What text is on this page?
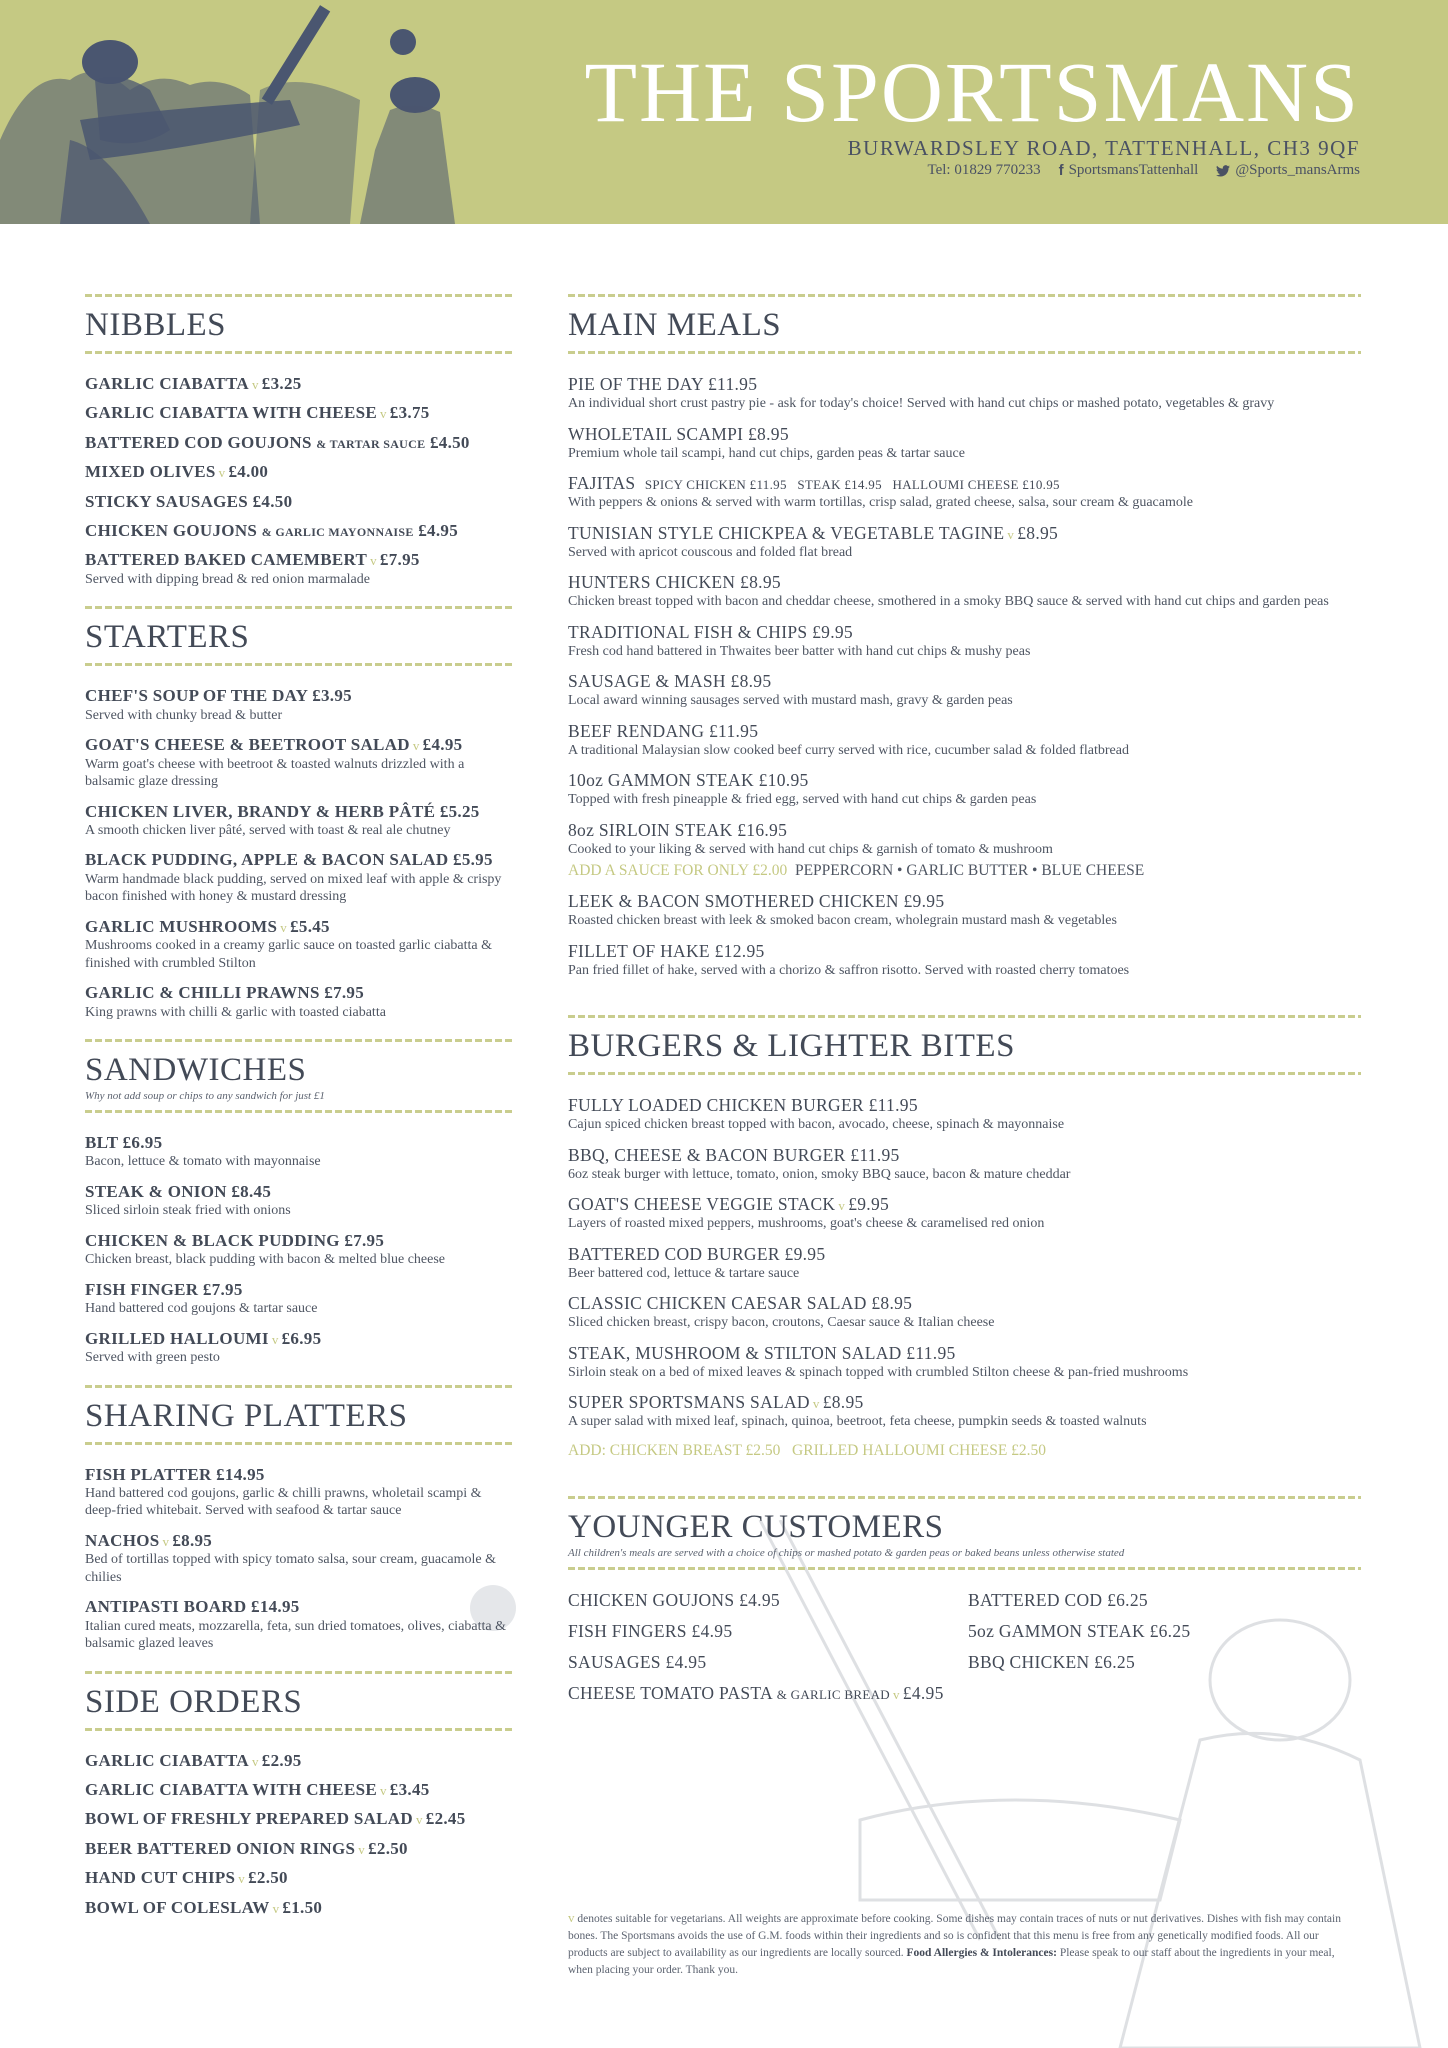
THE SPORTSMANS
BURWARDSLEY ROAD, TATTENHALL, CH3 9QF
Tel: 01829 770233 f SportsmansTattenhall @Sports_mansArms
NIBBLES
GARLIC CIABATTA v £3.25
GARLIC CIABATTA WITH CHEESE v £3.75
BATTERED COD GOUJONS & TARTAR SAUCE £4.50
MIXED OLIVES v £4.00
STICKY SAUSAGES £4.50
CHICKEN GOUJONS & GARLIC MAYONNAISE £4.95
BATTERED BAKED CAMEMBERT v £7.95
Served with dipping bread & red onion marmalade
STARTERS
CHEF'S SOUP OF THE DAY £3.95
Served with chunky bread & butter
GOAT'S CHEESE & BEETROOT SALAD v £4.95
Warm goat's cheese with beetroot & toasted walnuts drizzled with a balsamic glaze dressing
CHICKEN LIVER, BRANDY & HERB PÂTÉ £5.25
A smooth chicken liver pâté, served with toast & real ale chutney
BLACK PUDDING, APPLE & BACON SALAD £5.95
Warm handmade black pudding, served on mixed leaf with apple & crispy bacon finished with honey & mustard dressing
GARLIC MUSHROOMS v £5.45
Mushrooms cooked in a creamy garlic sauce on toasted garlic ciabatta & finished with crumbled Stilton
GARLIC & CHILLI PRAWNS £7.95
King prawns with chilli & garlic with toasted ciabatta
SANDWICHES
Why not add soup or chips to any sandwich for just £1
BLT £6.95
Bacon, lettuce & tomato with mayonnaise
STEAK & ONION £8.45
Sliced sirloin steak fried with onions
CHICKEN & BLACK PUDDING £7.95
Chicken breast, black pudding with bacon & melted blue cheese
FISH FINGER £7.95
Hand battered cod goujons & tartar sauce
GRILLED HALLOUMI v £6.95
Served with green pesto
SHARING PLATTERS
FISH PLATTER £14.95
Hand battered cod goujons, garlic & chilli prawns, wholetail scampi & deep-fried whitebait. Served with seafood & tartar sauce
NACHOS v £8.95
Bed of tortillas topped with spicy tomato salsa, sour cream, guacamole & chilies
ANTIPASTI BOARD £14.95
Italian cured meats, mozzarella, feta, sun dried tomatoes, olives, ciabatta & balsamic glazed leaves
SIDE ORDERS
GARLIC CIABATTA v £2.95
GARLIC CIABATTA WITH CHEESE v £3.45
BOWL OF FRESHLY PREPARED SALAD v £2.45
BEER BATTERED ONION RINGS v £2.50
HAND CUT CHIPS v £2.50
BOWL OF COLESLAW v £1.50
MAIN MEALS
PIE OF THE DAY £11.95
An individual short crust pastry pie - ask for today's choice! Served with hand cut chips or mashed potato, vegetables & gravy
WHOLETAIL SCAMPI £8.95
Premium whole tail scampi, hand cut chips, garden peas & tartar sauce
FAJITAS SPICY CHICKEN £11.95   STEAK £14.95   HALLOUMI CHEESE £10.95
With peppers & onions & served with warm tortillas, crisp salad, grated cheese, salsa, sour cream & guacamole
TUNISIAN STYLE CHICKPEA & VEGETABLE TAGINE v £8.95
Served with apricot couscous and folded flat bread
HUNTERS CHICKEN £8.95
Chicken breast topped with bacon and cheddar cheese, smothered in a smoky BBQ sauce & served with hand cut chips and garden peas
TRADITIONAL FISH & CHIPS £9.95
Fresh cod hand battered in Thwaites beer batter with hand cut chips & mushy peas
SAUSAGE & MASH £8.95
Local award winning sausages served with mustard mash, gravy & garden peas
BEEF RENDANG £11.95
A traditional Malaysian slow cooked beef curry served with rice, cucumber salad & folded flatbread
10oz GAMMON STEAK £10.95
Topped with fresh pineapple & fried egg, served with hand cut chips & garden peas
8oz SIRLOIN STEAK £16.95
Cooked to your liking & served with hand cut chips & garnish of tomato & mushroom
ADD A SAUCE FOR ONLY £2.00 PEPPERCORN • GARLIC BUTTER • BLUE CHEESE
LEEK & BACON SMOTHERED CHICKEN £9.95
Roasted chicken breast with leek & smoked bacon cream, wholegrain mustard mash & vegetables
FILLET OF HAKE £12.95
Pan fried fillet of hake, served with a chorizo & saffron risotto. Served with roasted cherry tomatoes
BURGERS & LIGHTER BITES
FULLY LOADED CHICKEN BURGER £11.95
Cajun spiced chicken breast topped with bacon, avocado, cheese, spinach & mayonnaise
BBQ, CHEESE & BACON BURGER £11.95
6oz steak burger with lettuce, tomato, onion, smoky BBQ sauce, bacon & mature cheddar
GOAT'S CHEESE VEGGIE STACK v £9.95
Layers of roasted mixed peppers, mushrooms, goat's cheese & caramelised red onion
BATTERED COD BURGER £9.95
Beer battered cod, lettuce & tartare sauce
CLASSIC CHICKEN CAESAR SALAD £8.95
Sliced chicken breast, crispy bacon, croutons, Caesar sauce & Italian cheese
STEAK, MUSHROOM & STILTON SALAD £11.95
Sirloin steak on a bed of mixed leaves & spinach topped with crumbled Stilton cheese & pan-fried mushrooms
SUPER SPORTSMANS SALAD v £8.95
A super salad with mixed leaf, spinach, quinoa, beetroot, feta cheese, pumpkin seeds & toasted walnuts
ADD: CHICKEN BREAST £2.50   GRILLED HALLOUMI CHEESE £2.50
YOUNGER CUSTOMERS
All children's meals are served with a choice of chips or mashed potato & garden peas or baked beans unless otherwise stated
CHICKEN GOUJONS £4.95
FISH FINGERS £4.95
SAUSAGES £4.95
CHEESE TOMATO PASTA & GARLIC BREAD v £4.95
BATTERED COD £6.25
5oz GAMMON STEAK £6.25
BBQ CHICKEN £6.25
v denotes suitable for vegetarians. All weights are approximate before cooking. Some dishes may contain traces of nuts or nut derivatives. Dishes with fish may contain bones. The Sportsmans avoids the use of G.M. foods within their ingredients and so is confident that this menu is free from any genetically modified foods. All our products are subject to availability as our ingredients are locally sourced. Food Allergies & Intolerances: Please speak to our staff about the ingredients in your meal, when placing your order. Thank you.
